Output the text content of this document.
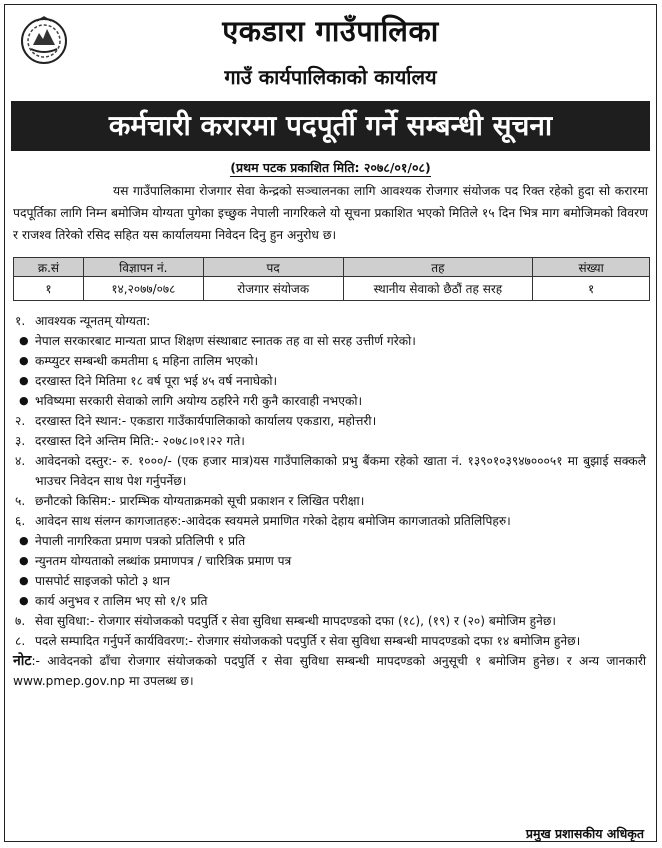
एकडारा गाउँपालिका
गाउँ कार्यपालिकाको कार्यालय
कर्मचारी करारमा पदपूर्ती गर्ने सम्बन्धी सूचना
(प्रथम पटक प्रकाशित मिति: २०७८/०१/०८)
यस गाउँपालिकामा रोजगार सेवा केन्द्रको सञ्चालनका लागि आवश्यक रोजगार संयोजक पद रिक्त रहेको हुदा सो करारमा पदपूर्तिका लागि निम्न बमोजिम योग्यता पुगेका इच्छुक नेपाली नागरिकले यो सूचना प्रकाशित भएको मितिले १५ दिन भित्र माग बमोजिमको विवरण र राजश्व तिरेको रसिद सहित यस कार्यालयमा निवेदन दिनु हुन अनुरोध छ।
क्र.सं	विज्ञापन नं.	पद	तह	संख्या
१	१४,२०७७/०७८	रोजगार संयोजक	स्थानीय सेवाको छैठौं तह सरह	१
१. आवश्यक न्यूनतम् योग्यता:
● नेपाल सरकारबाट मान्यता प्राप्त शिक्षण संस्थाबाट स्नातक तह वा सो सरह उत्तीर्ण गरेको।
● कम्प्युटर सम्बन्धी कमतीमा ६ महिना तालिम भएको।
● दरखास्त दिने मितिमा १८ वर्ष पूरा भई ४५ वर्ष ननाघेको।
● भविष्यमा सरकारी सेवाको लागि अयोग्य ठहरिने गरी कुनै कारवाही नभएको।
२. दरखास्त दिने स्थान:- एकडारा गाउँकार्यपालिकाको कार्यालय एकडारा, महोत्तरी।
३. दरखास्त दिने अन्तिम मिति:- २०७८।०१।२२ गते।
४. आवेदनको दस्तुर:- रु. १०००/- (एक हजार मात्र)यस गाउँपालिकाको प्रभु बैंकमा रहेको खाता नं. १३९०१०३९४७०००५१ मा बुझाई सक्कलै भाउचर निवेदन साथ पेश गर्नुपर्नेछ।
५. छनौटको किसिम:- प्रारम्भिक योग्यताक्रमको सूची प्रकाशन र लिखित परीक्षा।
६. आवेदन साथ संलग्न कागजातहरु:-आवेदक स्वयमले प्रमाणित गरेको देहाय बमोजिम कागजातको प्रतिलिपिहरु।
● नेपाली नागरिकता प्रमाण पत्रको प्रतिलिपी १ प्रति
● न्युनतम योग्यताको लब्धांक प्रमाणपत्र / चारित्रिक प्रमाण पत्र
● पासपोर्ट साइजको फोटो ३ थान
● कार्य अनुभव र तालिम भए सो १/१ प्रति
७. सेवा सुविधा:- रोजगार संयोजकको पदपुर्ति र सेवा सुविधा सम्बन्धी मापदण्डको दफा (१८), (१९) र (२०) बमोजिम हुनेछ।
८. पदले सम्पादित गर्नुपर्ने कार्यविवरण:- रोजगार संयोजकको पदपुर्ति र सेवा सुविधा सम्बन्धी मापदण्डको दफा १४ बमोजिम हुनेछ।
नोट:- आवेदनको ढाँचा रोजगार संयोजकको पदपुर्ति र सेवा सुविधा सम्बन्धी मापदण्डको अनुसूची १ बमोजिम हुनेछ। र अन्य जानकारी www.pmep.gov.np मा उपलब्ध छ।
प्रमुख प्रशासकीय अधिकृत
